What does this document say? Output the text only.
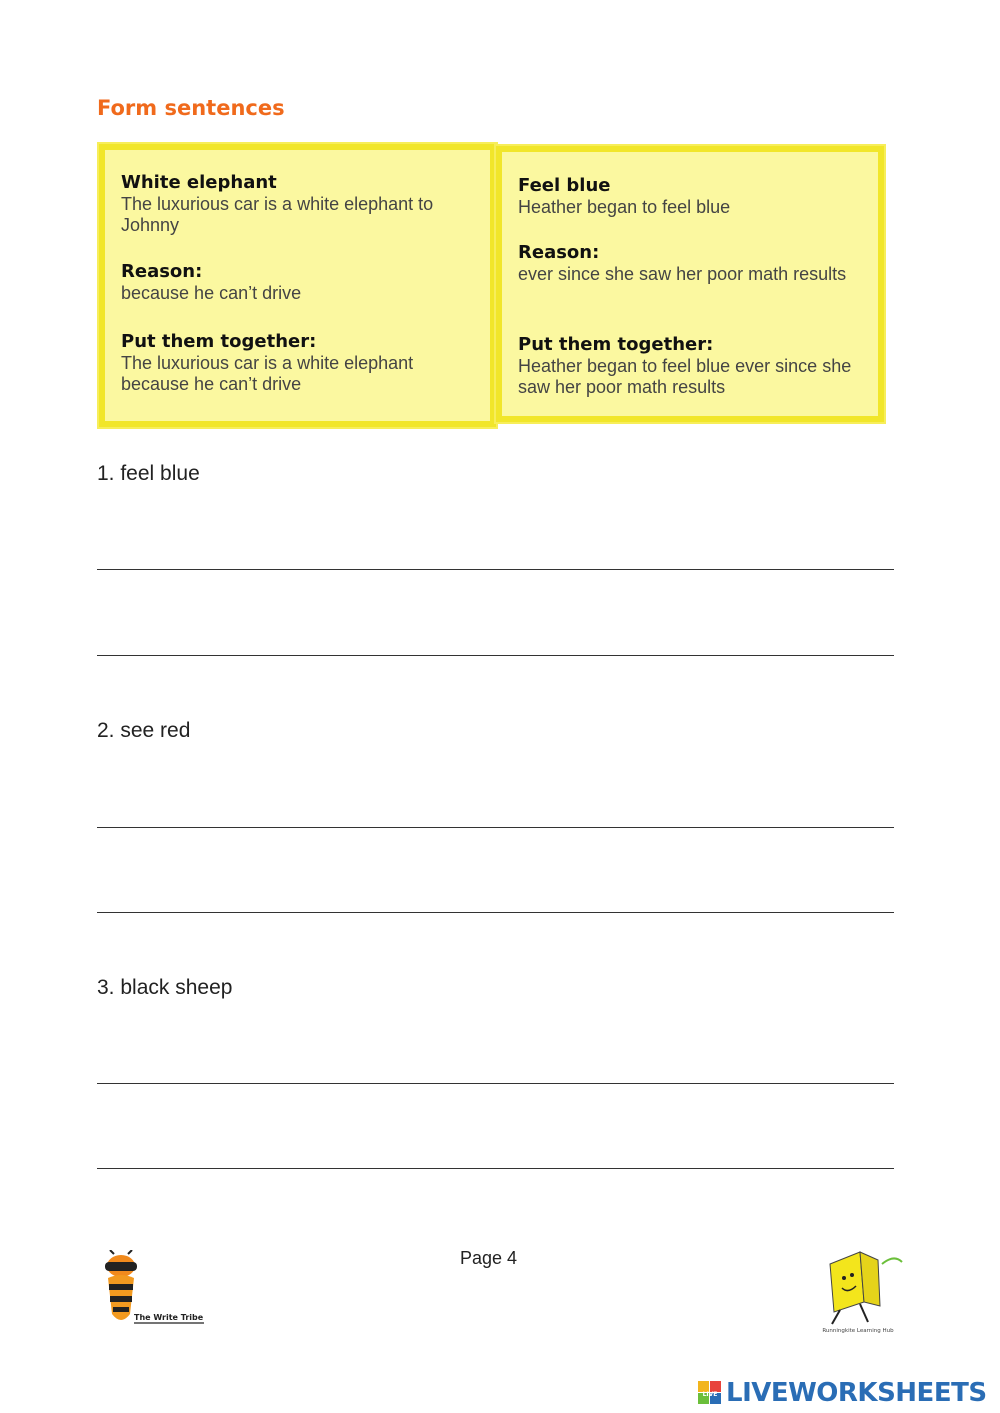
Form sentences

White elephant

The luxurious car is a white elephant to Johnny

Reason:

because he can’t drive

Put them together:

The luxurious car is a white elephant because he can’t drive

Feel blue

Heather began to feel blue

Reason:

ever since she saw her poor math results

Put them together:

Heather began to feel blue ever since she saw her poor math results

1. feel blue
2. see red
3. black sheep
Page 4
The Write Tribe
Runningkite Learning Hub
LIVE LIVEWORKSHEETS
